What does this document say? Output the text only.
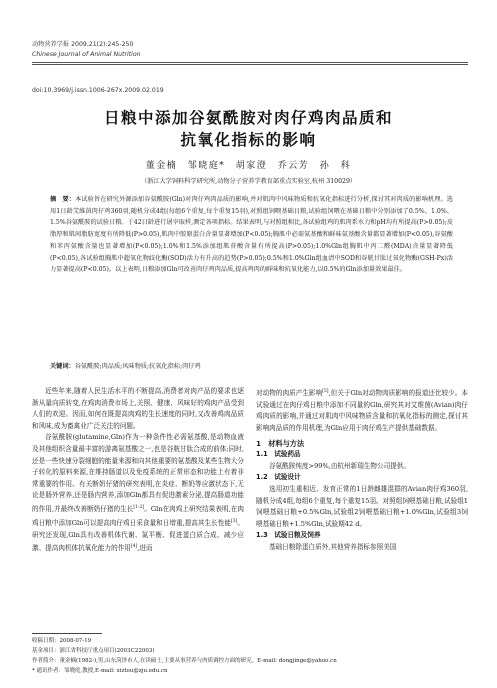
动物营养学报 2009,21(2):245-250
Chinese Journal of Animal Nutrition
doi:10.3969/j.issn.1006-267x.2009.02.019
日粮中添加谷氨酰胺对肉仔鸡肉品质和
抗氧化指标的影响
董金楠　邹晓庭*　胡家澄　乔云芳　孙　科
（浙江大学饲料科学研究所,动物分子营养学教育部重点实验室,杭州 310029）
摘　要：本试验旨在研究外源添加谷氨酰胺(Gln)对肉仔鸡肉品质的影响,并对肌肉中风味物质和抗氧化指标进行分析,探讨其对肉质的影响机理。选用1日龄艾维茵肉仔鸡360羽,随机分成4组(每组6个重复,每个重复15羽),对照组饲喂基础日粮,试验组饲喂在基础日粮中分别添加了0.5%、1.0%、1.5%谷氨酰胺的试验日粮。于42日龄进行屠宰取样,测定各项指标。结果表明,与对照组相比,各试验组鸡的肌肉系水力和pH均有所提高(P>0.05);皮脂厚和肌间脂肪宽度有所降低(P>0.05),肌肉中胶原蛋白含量显著增加(P<0.05);胸肌中必需氨基酸和鲜味氨基酸含量都显著增加(P<0.05),谷氨酸和苯丙氨酸含量也显著增加(P<0.05);1.0%和1.5%添加组肌苷酸含量有所提高(P>0.05);1.0%Gln组胸肌中丙二醛(MDA)含量显著降低(P<0.05),各试验组胸肌中超氧化物歧化酶(SOD)活力有升高的趋势(P>0.05);0.5%和1.0%Gln组血清中SOD和谷胱甘肽过氧化物酶(GSH-Px)活力显著提高(P<0.05)。以上表明,日粮添加Gln可改善肉仔鸡肉品质,提高鸡肉的鲜味和抗氧化能力,以0.5%的Gln添加量效果最佳。
关键词：谷氨酰胺;肉品质;风味物质;抗氧化指标;肉仔鸡

近些年来,随着人民生活水平的不断提高,消费者对肉产品的要求也逐渐从量向质转变,在鸡肉消费市场上,关照、健康、风味好的鸡肉产品受到人们的欢迎。因而,如何在既提高肉鸡的生长速度的同时,又改善鸡肉品质和风味,成为畜禽业广泛关注的问题。

谷氨酰胺(glutamine,Gln)作为一种条件性必需氨基酸,是动物血液及其他组织含量最丰富的游离氨基酸之一,也是谷胱甘肽合成的前体;同时,还是一些快速分裂细胞的能量来源和向其他重要的氨基酸及某些生物大分子转化的原料来源,在维持肠道以及免疫系统的正常形态和功能上有着非常重要的作用。有关断奶仔猪的研究表明,在炎症、断奶等应激状态下,无论是肠外营养,还是肠内营养,添加Gln都具有促进激素分泌,提高肠道功能的作用,并最终改善断奶仔猪的生长[1-2]。Gln在肉鸡上研究结果表明,在肉鸡日粮中添加Gln可以提高肉仔鸡日采食量和日增重,提高其生长性能[3]。研究还发现,Gln具有改善机体代谢、氮平衡、促进蛋白质合成、减少应激、提高肉机体抗氧化能力的作用[4],进而

对动物的肉质产生影响[5],但关于Gln对动物肉质影响的报道还比较少。本试验通过在肉仔鸡日粮中添加不同量的Gln,研究其对艾维茵(Avian)肉仔鸡肉质的影响,并通过对肌肉中风味物质含量和抗氧化指标的测定,探讨其影响肉品质的作用机理,为Gln应用于肉仔鸡生产提供基础数据。

1　材料与方法

1.1　试验药品

谷氨酰胺纯度>99%,由杭州新瑞生物公司提供。

1.2　试验设计

选用初生重相近、发育正常的1日龄雌雄混群的Avian肉仔鸡360羽,随机分成4组,每组6个重复,每个重复15羽。对照组饲喂基础日粮,试验组1饲喂基础日粮+0.5%Gln,试验组2饲喂基础日粮+1.0%Gln,试验组3饲喂基础日粮+1.5%Gln,试验期42 d。

1.3　试验日粮及饲养

基础日粮除蛋白质外,其他营养指标参照美国

收稿日期：2008-07-19
基金项目：浙江省科技厅重点项目(2003C22003)
作者简介：董金楠(1982-),男,山东菏泽市人,在读硕士,主要从事营养与肉质调控方面的研究。E-mail: dongjinge@yahoo.cn
* 通讯作者：邹晓庭,教授,E-mail: xiztou@zju.edu.cn
